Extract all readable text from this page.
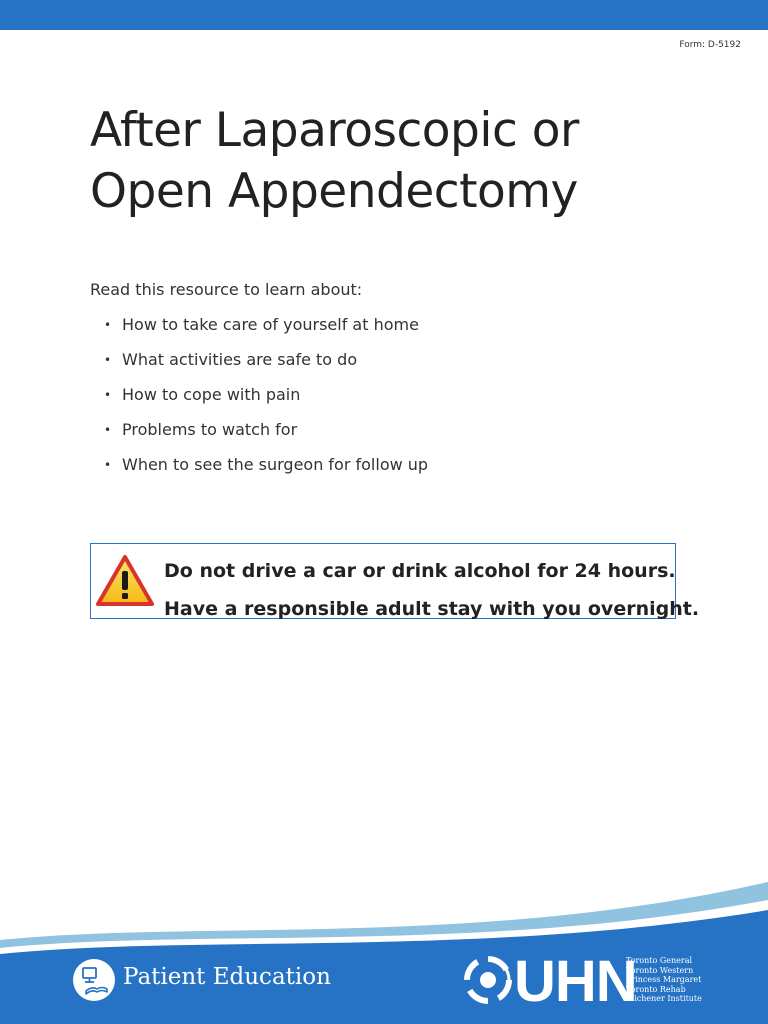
Form: D-5192
After Laparoscopic or
Open Appendectomy
Read this resource to learn about:
• How to take care of yourself at home
• What activities are safe to do
• How to cope with pain
• Problems to watch for
• When to see the surgeon for follow up
Do not drive a car or drink alcohol for 24 hours.
Have a responsible adult stay with you overnight.
Patient Education	UHN
Toronto General
Toronto Western
Princess Margaret
Toronto Rehab
Michener Institute
